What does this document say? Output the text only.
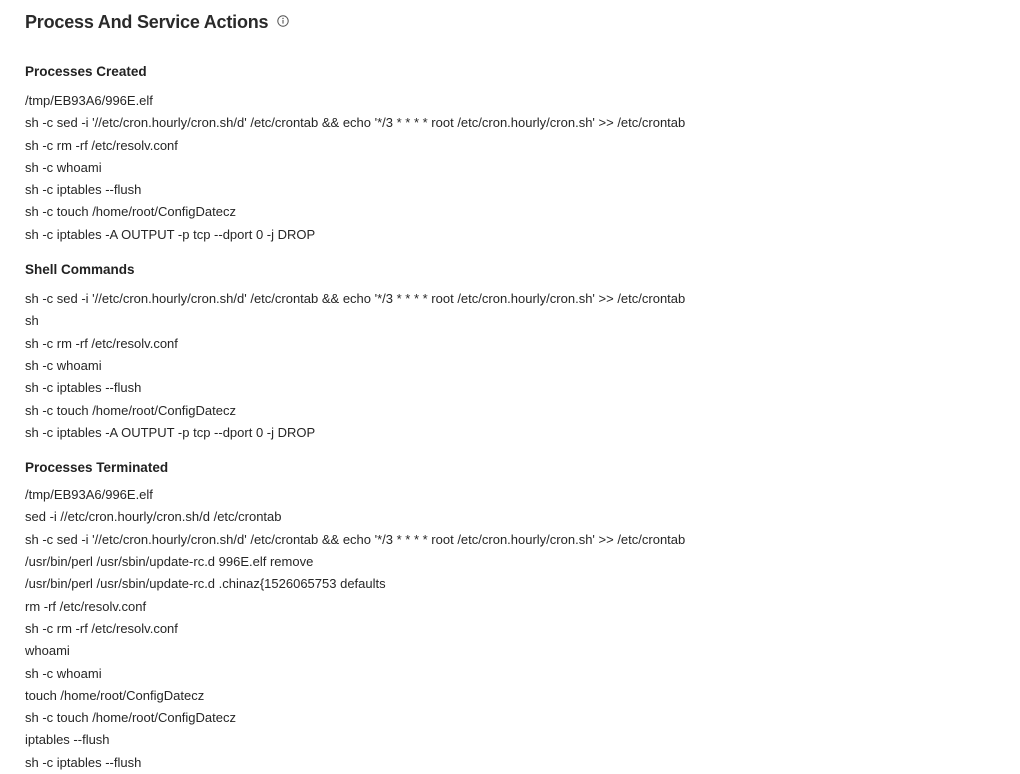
Process And Service Actions
Processes Created
/tmp/EB93A6/996E.elf
sh -c sed -i '//etc/cron.hourly/cron.sh/d' /etc/crontab && echo '*/3 * * * * root /etc/cron.hourly/cron.sh' >> /etc/crontab
sh -c rm -rf /etc/resolv.conf
sh -c whoami
sh -c iptables --flush
sh -c touch /home/root/ConfigDatecz
sh -c iptables -A OUTPUT -p tcp --dport 0 -j DROP
Shell Commands
sh -c sed -i '//etc/cron.hourly/cron.sh/d' /etc/crontab && echo '*/3 * * * * root /etc/cron.hourly/cron.sh' >> /etc/crontab
sh
sh -c rm -rf /etc/resolv.conf
sh -c whoami
sh -c iptables --flush
sh -c touch /home/root/ConfigDatecz
sh -c iptables -A OUTPUT -p tcp --dport 0 -j DROP
Processes Terminated
/tmp/EB93A6/996E.elf
sed -i //etc/cron.hourly/cron.sh/d /etc/crontab
sh -c sed -i '//etc/cron.hourly/cron.sh/d' /etc/crontab && echo '*/3 * * * * root /etc/cron.hourly/cron.sh' >> /etc/crontab
/usr/bin/perl /usr/sbin/update-rc.d 996E.elf remove
/usr/bin/perl /usr/sbin/update-rc.d .chinaz{1526065753 defaults
rm -rf /etc/resolv.conf
sh -c rm -rf /etc/resolv.conf
whoami
sh -c whoami
touch /home/root/ConfigDatecz
sh -c touch /home/root/ConfigDatecz
iptables --flush
sh -c iptables --flush
